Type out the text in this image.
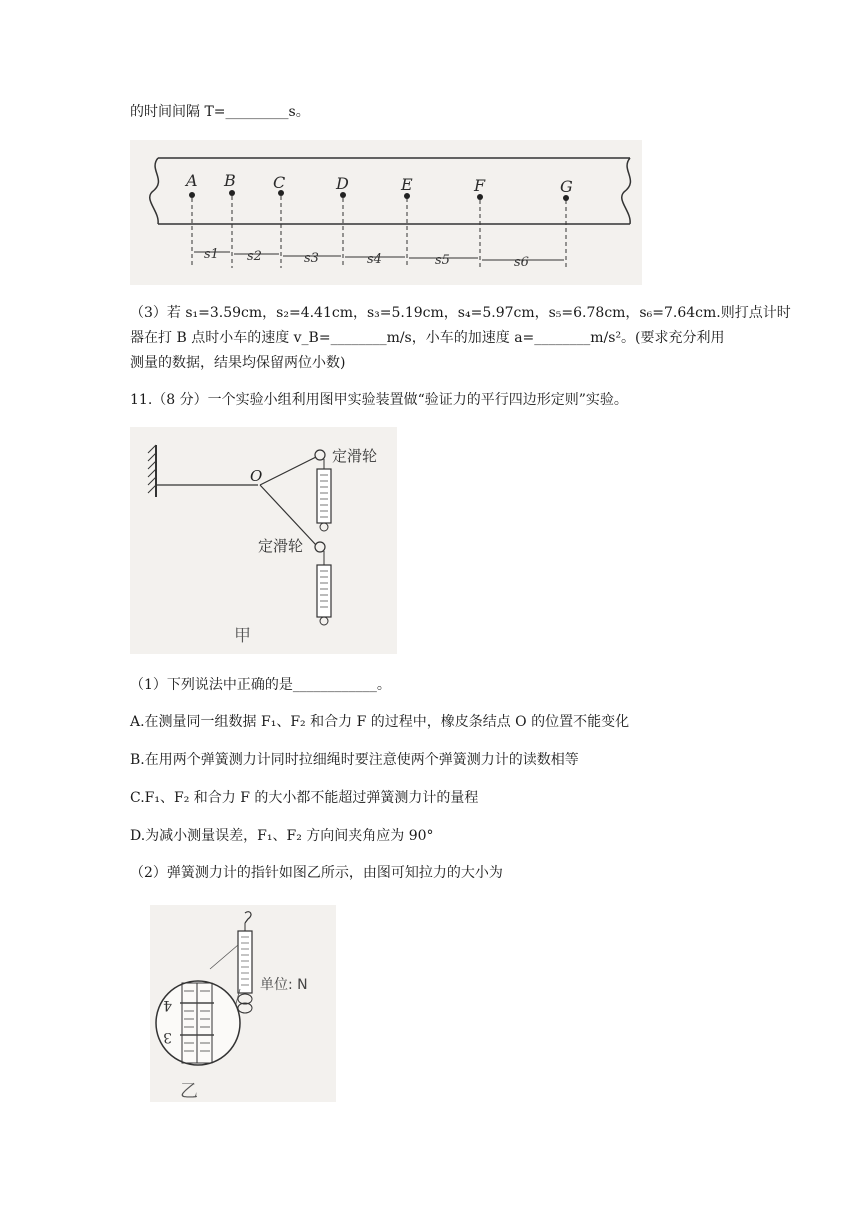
的时间间隔 T=_________s。
A B C	D	E	F	G
s1 s2	s3	s4	s5	s6
（3）若 s₁=3.59cm，s₂=4.41cm，s₃=5.19cm，s₄=5.97cm，s₅=6.78cm，s₆=7.64cm.则打点计时
器在打 B 点时小车的速度 v_B=________m/s，小车的加速度 a=________m/s²。(要求充分利用
测量的数据，结果均保留两位小数)
11.（8 分）一个实验小组利用图甲实验装置做“验证力的平行四边形定则”实验。
O
定滑轮
定滑轮
甲
（1）下列说法中正确的是____________。
A.在测量同一组数据 F₁、F₂ 和合力 F 的过程中，橡皮条结点 O 的位置不能变化
B.在用两个弹簧测力计同时拉细绳时要注意使两个弹簧测力计的读数相等
C.F₁、F₂ 和合力 F 的大小都不能超过弹簧测力计的量程
D.为减小测量误差，F₁、F₂ 方向间夹角应为 90°
（2）弹簧测力计的指针如图乙所示，由图可知拉力的大小为
单位: N
4
3
乙
